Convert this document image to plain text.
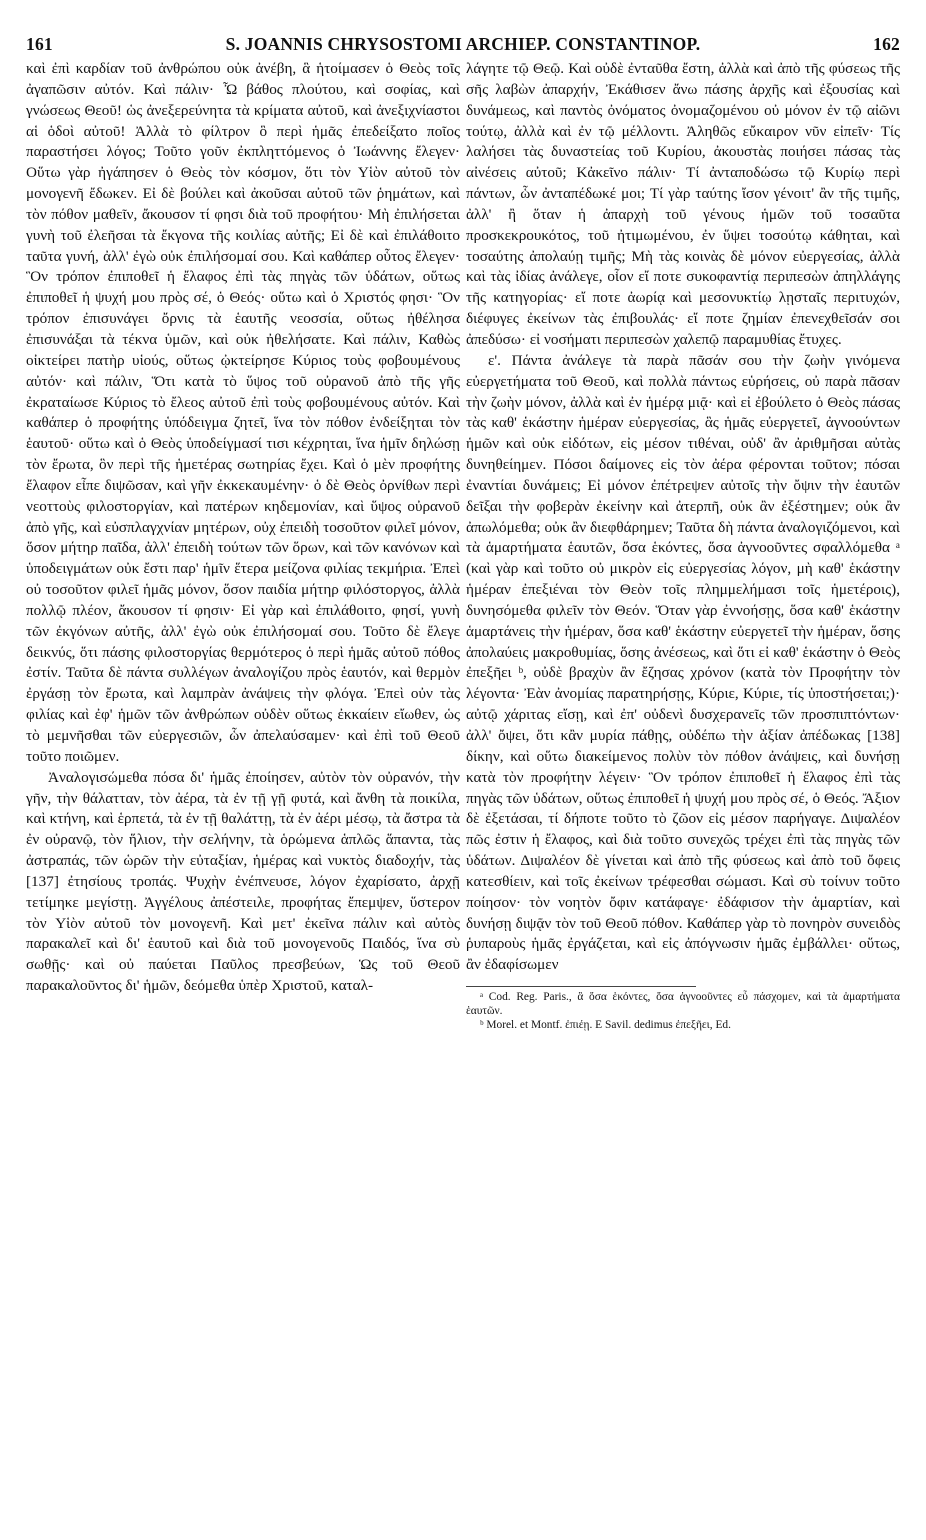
161	S. JOANNIS CHRYSOSTOMI ARCHIEP. CONSTANTINOP.	162

καὶ ἐπὶ καρδίαν τοῦ ἀνθρώπου οὐκ ἀνέβη, ἃ ἡτοίμασεν ὁ Θεὸς τοῖς ἀγαπῶσιν αὐτόν. Καὶ πάλιν· Ὦ βάθος πλούτου, καὶ σοφίας, καὶ γνώσεως Θεοῦ! ὡς ἀνεξερεύνητα τὰ κρίματα αὐτοῦ, καὶ ἀνεξιχνίαστοι αἱ ὁδοὶ αὐτοῦ! Ἀλλὰ τὸ φίλτρον ὃ περὶ ἡμᾶς ἐπεδείξατο ποῖος παραστήσει λόγος; Τοῦτο γοῦν ἐκπληττόμενος ὁ Ἰωάννης ἔλεγεν· Οὕτω γὰρ ἠγάπησεν ὁ Θεὸς τὸν κόσμον, ὅτι τὸν Υἱὸν αὐτοῦ τὸν μονογενῆ ἔδωκεν. Εἰ δὲ βούλει καὶ ἀκοῦσαι αὐτοῦ τῶν ῥημάτων, καὶ τὸν πόθον μαθεῖν, ἄκουσον τί φησι διὰ τοῦ προφήτου· Μὴ ἐπιλήσεται γυνὴ τοῦ ἐλεῆσαι τὰ ἔκγονα τῆς κοιλίας αὐτῆς; Εἰ δὲ καὶ ἐπιλάθοιτο ταῦτα γυνή, ἀλλ' ἐγὼ οὐκ ἐπιλήσομαί σου. Καὶ καθάπερ οὗτος ἔλεγεν· Ὃν τρόπον ἐπιποθεῖ ἡ ἔλαφος ἐπὶ τὰς πηγὰς τῶν ὑδάτων, οὕτως ἐπιποθεῖ ἡ ψυχή μου πρὸς σέ, ὁ Θεός· οὕτω καὶ ὁ Χριστός φησι· Ὃν τρόπον ἐπισυνάγει ὄρνις τὰ ἑαυτῆς νεοσσία, οὕτως ἠθέλησα ἐπισυνάξαι τὰ τέκνα ὑμῶν, καὶ οὐκ ἠθελήσατε. Καὶ πάλιν, Καθὼς οἰκτείρει πατὴρ υἱούς, οὕτως ᾠκτείρησε Κύριος τοὺς φοβουμένους αὐτόν· καὶ πάλιν, Ὅτι κατὰ τὸ ὕψος τοῦ οὐρανοῦ ἀπὸ τῆς γῆς ἐκραταίωσε Κύριος τὸ ἔλεος αὐτοῦ ἐπὶ τοὺς φοβουμένους αὐτόν. Καὶ καθάπερ ὁ προφήτης ὑπόδειγμα ζητεῖ, ἵνα τὸν πόθον ἐνδείξηται τὸν ἑαυτοῦ· οὕτω καὶ ὁ Θεὸς ὑποδείγμασί τισι κέχρηται, ἵνα ἡμῖν δηλώσῃ τὸν ἔρωτα, ὃν περὶ τῆς ἡμετέρας σωτηρίας ἔχει. Καὶ ὁ μὲν προφήτης ἔλαφον εἶπε διψῶσαν, καὶ γῆν ἐκκεκαυμένην· ὁ δὲ Θεὸς ὀρνίθων περὶ νεοττοὺς φιλοστοργίαν, καὶ πατέρων κηδεμονίαν, καὶ ὕψος οὐρανοῦ ἀπὸ γῆς, καὶ εὐσπλαγχνίαν μητέρων, οὐχ ἐπειδὴ τοσοῦτον φιλεῖ μόνον, ὅσον μήτηρ παῖδα, ἀλλ' ἐπειδὴ τούτων τῶν ὅρων, καὶ τῶν κανόνων καὶ ὑποδειγμάτων οὐκ ἔστι παρ' ἡμῖν ἕτερα μείζονα φιλίας τεκμήρια. Ἐπεὶ οὐ τοσοῦτον φιλεῖ ἡμᾶς μόνον, ὅσον παιδία μήτηρ φιλόστοργος, ἀλλὰ πολλῷ πλέον, ἄκουσον τί φησιν· Εἰ γὰρ καὶ ἐπιλάθοιτο, φησί, γυνὴ τῶν ἐκγόνων αὐτῆς, ἀλλ' ἐγὼ οὐκ ἐπιλήσομαί σου. Τοῦτο δὲ ἔλεγε δεικνύς, ὅτι πάσης φιλοστοργίας θερμότερος ὁ περὶ ἡμᾶς αὐτοῦ πόθος ἐστίν. Ταῦτα δὲ πάντα συλλέγων ἀναλογίζου πρὸς ἑαυτόν, καὶ θερμὸν ἐργάσῃ τὸν ἔρωτα, καὶ λαμπρὰν ἀνάψεις τὴν φλόγα. Ἐπεὶ οὐν τὰς φιλίας καὶ ἐφ' ἡμῶν τῶν ἀνθρώπων οὐδὲν οὕτως ἐκκαίειν εἴωθεν, ὡς τὸ μεμνῆσθαι τῶν εὐεργεσιῶν, ὧν ἀπελαύσαμεν· καὶ ἐπὶ τοῦ Θεοῦ τοῦτο ποιῶμεν.

Ἀναλογισώμεθα πόσα δι' ἡμᾶς ἐποίησεν, αὐτὸν τὸν οὐρανόν, τὴν γῆν, τὴν θάλατταν, τὸν ἀέρα, τὰ ἐν τῇ γῇ φυτά, καὶ ἄνθη τὰ ποικίλα, καὶ κτήνη, καὶ ἑρπετά, τὰ ἐν τῇ θαλάττῃ, τὰ ἐν ἀέρι μέσῳ, τὰ ἄστρα τὰ ἐν οὐρανῷ, τὸν ἥλιον, τὴν σελήνην, τὰ ὁρώμενα ἁπλῶς ἅπαντα, τὰς ἀστραπάς, τῶν ὡρῶν τὴν εὐταξίαν, ἡμέρας καὶ νυκτὸς διαδοχήν, τὰς [137] ἐτησίους τροπάς. Ψυχὴν ἐνέπνευσε, λόγον ἐχαρίσατο, ἀρχῇ τετίμηκε μεγίστῃ. Ἀγγέλους ἀπέστειλε, προφήτας ἔπεμψεν, ὕστερον τὸν Υἱὸν αὐτοῦ τὸν μονογενῆ. Καὶ μετ' ἐκεῖνα πάλιν καὶ αὐτὸς παρακαλεῖ καὶ δι' ἑαυτοῦ καὶ διὰ τοῦ μονογενοῦς Παιδός, ἵνα σὺ σωθῇς· καὶ οὐ παύεται Παῦλος πρεσβεύων, Ὡς τοῦ Θεοῦ παρακαλοῦντος δι' ἡμῶν, δεόμεθα ὑπὲρ Χριστοῦ, καταλ-

λάγητε τῷ Θεῷ. Καὶ οὐδὲ ἐνταῦθα ἔστη, ἀλλὰ καὶ ἀπὸ τῆς φύσεως τῆς σῆς λαβὼν ἀπαρχήν, Ἐκάθισεν ἄνω πάσης ἀρχῆς καὶ ἐξουσίας καὶ δυνάμεως, καὶ παντὸς ὀνόματος ὀνομαζομένου οὐ μόνον ἐν τῷ αἰῶνι τούτῳ, ἀλλὰ καὶ ἐν τῷ μέλλοντι. Ἀληθῶς εὔκαιρον νῦν εἰπεῖν· Τίς λαλήσει τὰς δυναστείας τοῦ Κυρίου, ἀκουστὰς ποιήσει πάσας τὰς αἰνέσεις αὐτοῦ; Κἀκεῖνο πάλιν· Τί ἀνταποδώσω τῷ Κυρίῳ περὶ πάντων, ὧν ἀνταπέδωκέ μοι; Τί γὰρ ταύτης ἴσον γένοιτ' ἂν τῆς τιμῆς, ἀλλ' ἢ ὅταν ἡ ἀπαρχὴ τοῦ γένους ἡμῶν τοῦ τοσαῦτα προσκεκρουκότος, τοῦ ἠτιμωμένου, ἐν ὕψει τοσούτῳ κάθηται, καὶ τοσαύτης ἀπολαύῃ τιμῆς; Μὴ τὰς κοινὰς δὲ μόνον εὐεργεσίας, ἀλλὰ καὶ τὰς ἰδίας ἀνάλεγε, οἷον εἴ ποτε συκοφαντίᾳ περιπεσὼν ἀπηλλάγης τῆς κατηγορίας· εἴ ποτε ἀωρίᾳ καὶ μεσονυκτίῳ λῃσταῖς περιτυχών, διέφυγες ἐκείνων τὰς ἐπιβουλάς· εἴ ποτε ζημίαν ἐπενεχθεῖσάν σοι ἀπεδύσω· εἰ νοσήματι περιπεσὼν χαλεπῷ παραμυθίας ἔτυχες.

ε'. Πάντα ἀνάλεγε τὰ παρὰ πᾶσάν σου τὴν ζωὴν γινόμενα εὐεργετήματα τοῦ Θεοῦ, καὶ πολλὰ πάντως εὑρήσεις, οὐ παρὰ πᾶσαν τὴν ζωὴν μόνον, ἀλλὰ καὶ ἐν ἡμέρᾳ μιᾷ· καὶ εἰ ἐβούλετο ὁ Θεὸς πάσας τὰς καθ' ἑκάστην ἡμέραν εὐεργεσίας, ἃς ἡμᾶς εὐεργετεῖ, ἀγνοούντων ἡμῶν καὶ οὐκ εἰδότων, εἰς μέσον τιθέναι, οὐδ' ἂν ἀριθμῆσαι αὐτὰς δυνηθείημεν. Πόσοι δαίμονες εἰς τὸν ἀέρα φέρονται τοῦτον; πόσαι ἐναντίαι δυνάμεις; Εἰ μόνον ἐπέτρεψεν αὐτοῖς τὴν ὄψιν τὴν ἑαυτῶν δεῖξαι τὴν φοβερὰν ἐκείνην καὶ ἀτερπῆ, οὐκ ἂν ἐξέστημεν; οὐκ ἂν ἀπωλόμεθα; οὐκ ἂν διεφθάρημεν; Ταῦτα δὴ πάντα ἀναλογιζόμενοι, καὶ τὰ ἁμαρτήματα ἑαυτῶν, ὅσα ἑκόντες, ὅσα ἀγνοοῦντες σφαλλόμεθα ᵃ (καὶ γὰρ καὶ τοῦτο οὐ μικρὸν εἰς εὐεργεσίας λόγον, μὴ καθ' ἑκάστην ἡμέραν ἐπεξιέναι τὸν Θεὸν τοῖς πλημμελήμασι τοῖς ἡμετέροις), δυνησόμεθα φιλεῖν τὸν Θεόν. Ὅταν γὰρ ἐννοήσῃς, ὅσα καθ' ἑκάστην ἁμαρτάνεις τὴν ἡμέραν, ὅσα καθ' ἑκάστην εὐεργετεῖ τὴν ἡμέραν, ὅσης ἀπολαύεις μακροθυμίας, ὅσης ἀνέσεως, καὶ ὅτι εἰ καθ' ἑκάστην ὁ Θεὸς ἐπεξῆει ᵇ, οὐδὲ βραχὺν ἂν ἔζησας χρόνον (κατὰ τὸν Προφήτην τὸν λέγοντα· Ἐὰν ἀνομίας παρατηρήσῃς, Κύριε, Κύριε, τίς ὑποστήσεται;)· αὐτῷ χάριτας εἴσῃ, καὶ ἐπ' οὐδενὶ δυσχερανεῖς τῶν προσπιπτόντων· ἀλλ' ὄψει, ὅτι κἂν μυρία πάθῃς, οὐδέπω τὴν ἀξίαν ἀπέδωκας [138] δίκην, καὶ οὕτω διακείμενος πολὺν τὸν πόθον ἀνάψεις, καὶ δυνήσῃ κατὰ τὸν προφήτην λέγειν· Ὃν τρόπον ἐπιποθεῖ ἡ ἔλαφος ἐπὶ τὰς πηγὰς τῶν ὑδάτων, οὕτως ἐπιποθεῖ ἡ ψυχή μου πρὸς σέ, ὁ Θεός. Ἄξιον δὲ ἐξετάσαι, τί δήποτε τοῦτο τὸ ζῶον εἰς μέσον παρήγαγε. Διψαλέον πῶς ἐστιν ἡ ἔλαφος, καὶ διὰ τοῦτο συνεχῶς τρέχει ἐπὶ τὰς πηγὰς τῶν ὑδάτων. Διψαλέον δὲ γίνεται καὶ ἀπὸ τῆς φύσεως καὶ ἀπὸ τοῦ ὄφεις κατεσθίειν, καὶ τοῖς ἐκείνων τρέφεσθαι σώμασι. Καὶ σὺ τοίνυν τοῦτο ποίησον· τὸν νοητὸν ὄφιν κατάφαγε· ἐδάφισον τὴν ἁμαρτίαν, καὶ δυνήσῃ διψᾷν τὸν τοῦ Θεοῦ πόθον. Καθάπερ γὰρ τὸ πονηρὸν συνειδὸς ῥυπαροὺς ἡμᾶς ἐργάζεται, καὶ εἰς ἀπόγνωσιν ἡμᾶς ἐμβάλλει· οὕτως, ἂν ἐδαφίσωμεν

ᵃ Cod. Reg. Paris., ἃ ὅσα ἑκόντες, ὅσα ἀγνοοῦντες εὖ πάσχομεν, καὶ τὰ ἁμαρτήματα ἑαυτῶν.
ᵇ Morel. et Montf. ἐπιέῃ. E Savil. dedimus ἐπεξῆει, Ed.
